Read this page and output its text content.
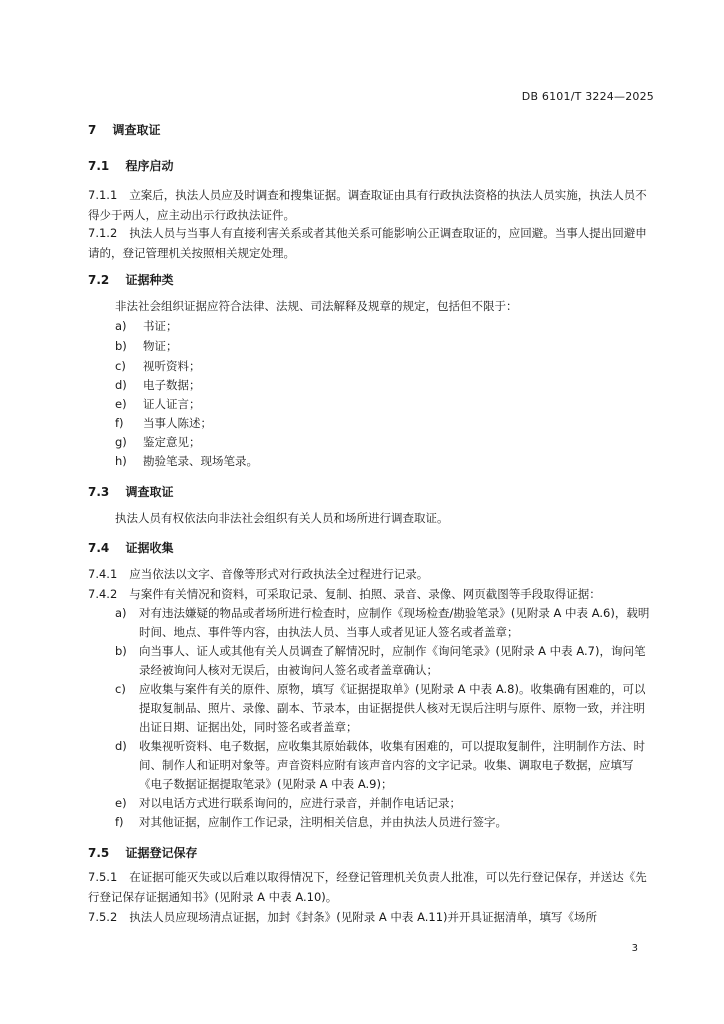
DB 6101/T 3224—2025
7 调查取证
7.1 程序启动
7.1.1 立案后，执法人员应及时调查和搜集证据。调查取证由具有行政执法资格的执法人员实施，执法人员不得少于两人，应主动出示行政执法证件。
7.1.2 执法人员与当事人有直接利害关系或者其他关系可能影响公正调查取证的，应回避。当事人提出回避申请的，登记管理机关按照相关规定处理。
7.2 证据种类
非法社会组织证据应符合法律、法规、司法解释及规章的规定，包括但不限于：
a) 书证；
b) 物证；
c) 视听资料；
d) 电子数据；
e) 证人证言；
f) 当事人陈述；
g) 鉴定意见；
h) 勘验笔录、现场笔录。
7.3 调查取证
执法人员有权依法向非法社会组织有关人员和场所进行调查取证。
7.4 证据收集
7.4.1 应当依法以文字、音像等形式对行政执法全过程进行记录。
7.4.2 与案件有关情况和资料，可采取记录、复制、拍照、录音、录像、网页截图等手段取得证据：
a)	对有违法嫌疑的物品或者场所进行检查时，应制作《现场检查/勘验笔录》(见附录 A 中表 A.6)，载明时间、地点、事件等内容，由执法人员、当事人或者见证人签名或者盖章；
b)	向当事人、证人或其他有关人员调查了解情况时，应制作《询问笔录》(见附录 A 中表 A.7)，询问笔录经被询问人核对无误后，由被询问人签名或者盖章确认；
c)	应收集与案件有关的原件、原物，填写《证据提取单》(见附录 A 中表 A.8)。收集确有困难的，可以提取复制品、照片、录像、副本、节录本，由证据提供人核对无误后注明与原件、原物一致，并注明出证日期、证据出处，同时签名或者盖章；
d)	收集视听资料、电子数据，应收集其原始载体，收集有困难的，可以提取复制件，注明制作方法、时间、制作人和证明对象等。声音资料应附有该声音内容的文字记录。收集、调取电子数据，应填写《电子数据证据提取笔录》(见附录 A 中表 A.9)；
e)	对以电话方式进行联系询问的，应进行录音，并制作电话记录；
f)	对其他证据，应制作工作记录，注明相关信息，并由执法人员进行签字。
7.5 证据登记保存
7.5.1 在证据可能灭失或以后难以取得情况下，经登记管理机关负责人批准，可以先行登记保存，并送达《先行登记保存证据通知书》(见附录 A 中表 A.10)。
7.5.2 执法人员应现场清点证据，加封《封条》(见附录 A 中表 A.11)并开具证据清单，填写《场所
3
